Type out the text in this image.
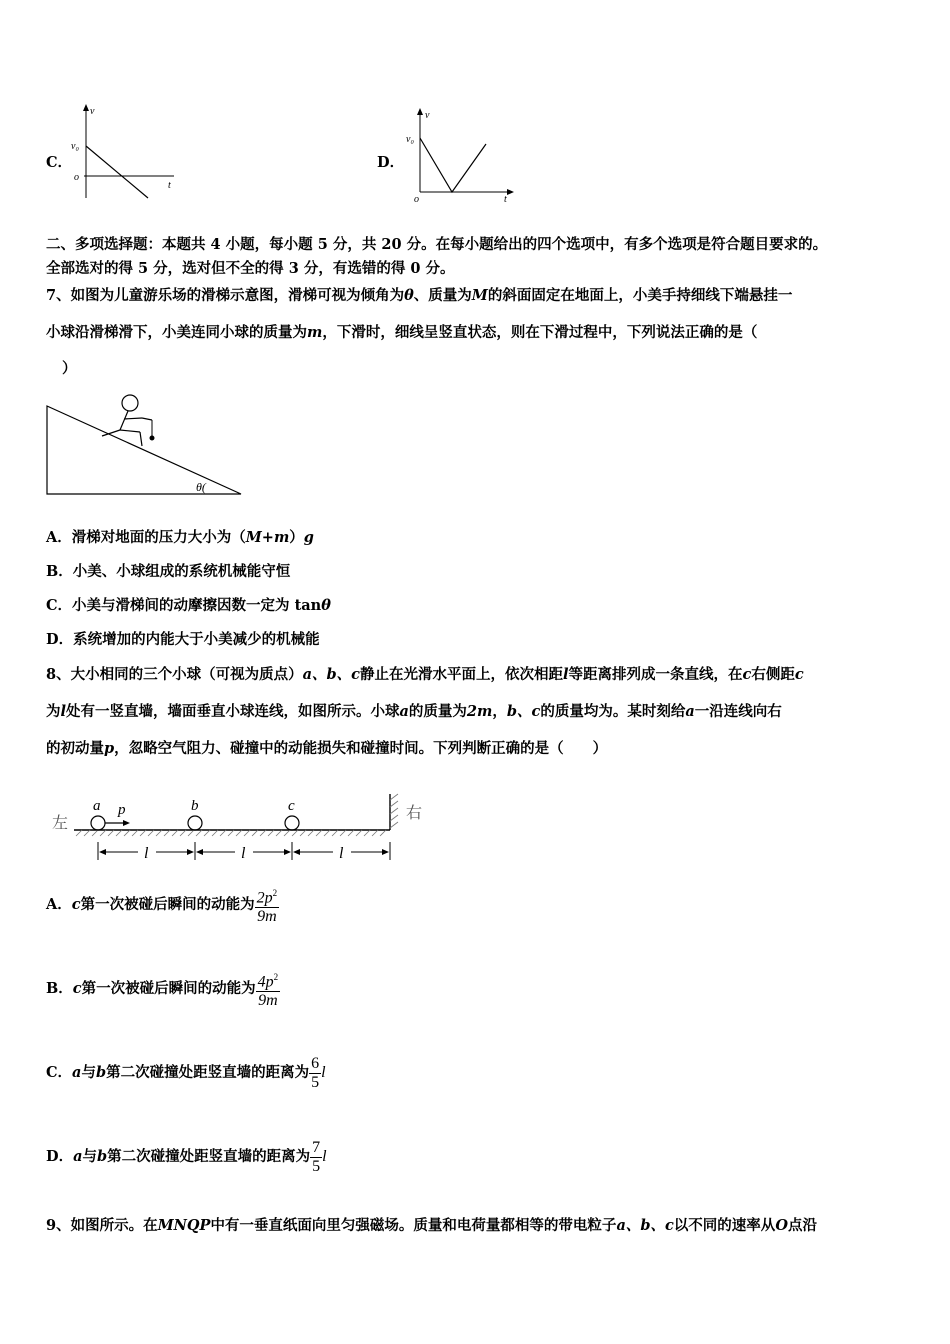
C．
v
v₀
o
t
D．
v
v₀
o	t
二、多项选择题：本题共 4 小题，每小题 5 分，共 20 分。在每小题给出的四个选项中，有多个选项是符合题目要求的。
全部选对的得 5 分，选对但不全的得 3 分，有选错的得 0 分。
7、如图为儿童游乐场的滑梯示意图，滑梯可视为倾角为θ、质量为M的斜面固定在地面上，小美手持细线下端悬挂一
小球沿滑梯滑下，小美连同小球的质量为m，下滑时，细线呈竖直状态，则在下滑过程中，下列说法正确的是（
）
θ(
A．滑梯对地面的压力大小为（M+m）g
B．小美、小球组成的系统机械能守恒
C．小美与滑梯间的动摩擦因数一定为 tanθ
D．系统增加的内能大于小美减少的机械能
8、大小相同的三个小球（可视为质点）a、b、c静止在光滑水平面上，依次相距l等距离排列成一条直线，在c右侧距c
为l处有一竖直墙，墙面垂直小球连线，如图所示。小球a的质量为2m，b、c的质量均为。某时刻给a一沿连线向右
的初动量p，忽略空气阻力、碰撞中的动能损失和碰撞时间。下列判断正确的是（　　）
左
右
a p	b	c
l	l	l
A．c第一次被碰后瞬间的动能为 $\frac{2p^2}{9m}$
B．c第一次被碰后瞬间的动能为 $\frac{4p^2}{9m}$
C．a与b第二次碰撞处距竖直墙的距离为 $\frac{6}{5}$ l
D．a与b第二次碰撞处距竖直墙的距离为 $\frac{7}{5}$ l
9、如图所示。在MNQP中有一垂直纸面向里匀强磁场。质量和电荷量都相等的带电粒子a、b、c以不同的速率从O点沿
